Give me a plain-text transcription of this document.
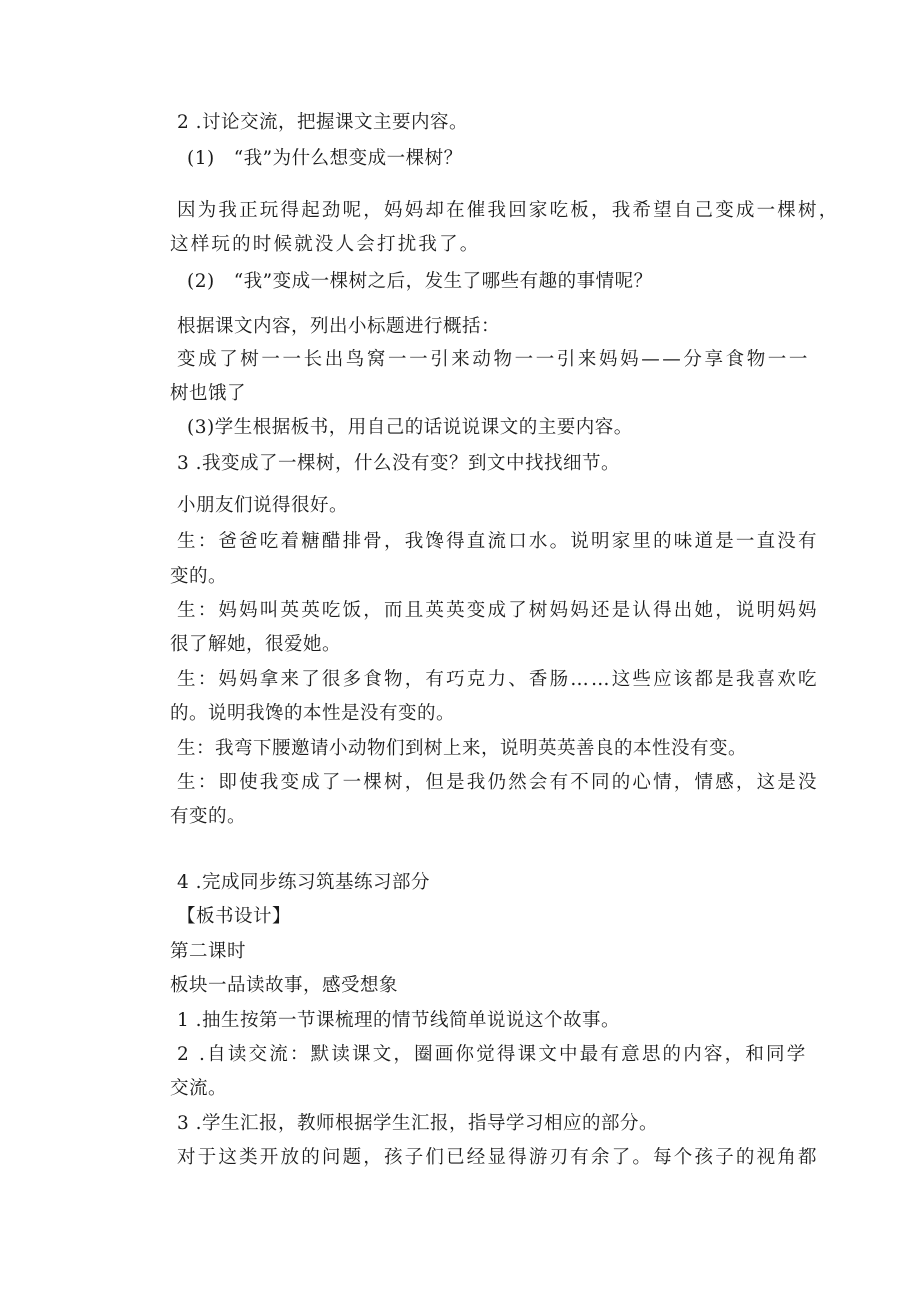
2 .讨论交流，把握课文主要内容。
(1)　“我”为什么想变成一棵树？
因为我正玩得起劲呢，妈妈却在催我回家吃板，我希望自己变成一棵树，
这样玩的时候就没人会打扰我了。
(2)　“我”变成一棵树之后，发生了哪些有趣的事情呢？
根据课文内容，列出小标题进行概括：
变成了树一一长出鸟窝一一引来动物一一引来妈妈——分享食物一一
树也饿了
(3)学生根据板书，用自己的话说说课文的主要内容。
3 .我变成了一棵树，什么没有变？到文中找找细节。
小朋友们说得很好。
生：爸爸吃着糖醋排骨，我馋得直流口水。说明家里的味道是一直没有
变的。
生：妈妈叫英英吃饭，而且英英变成了树妈妈还是认得出她，说明妈妈
很了解她，很爱她。
生：妈妈拿来了很多食物，有巧克力、香肠……这些应该都是我喜欢吃
的。说明我馋的本性是没有变的。
生：我弯下腰邀请小动物们到树上来，说明英英善良的本性没有变。
生：即使我变成了一棵树，但是我仍然会有不同的心情，情感，这是没
有变的。
4 .完成同步练习筑基练习部分
【板书设计】
第二课时
板块一品读故事，感受想象
1 .抽生按第一节课梳理的情节线简单说说这个故事。
2 .自读交流：默读课文，圈画你觉得课文中最有意思的内容，和同学
交流。
3 .学生汇报，教师根据学生汇报，指导学习相应的部分。
对于这类开放的问题，孩子们已经显得游刃有余了。每个孩子的视角都
